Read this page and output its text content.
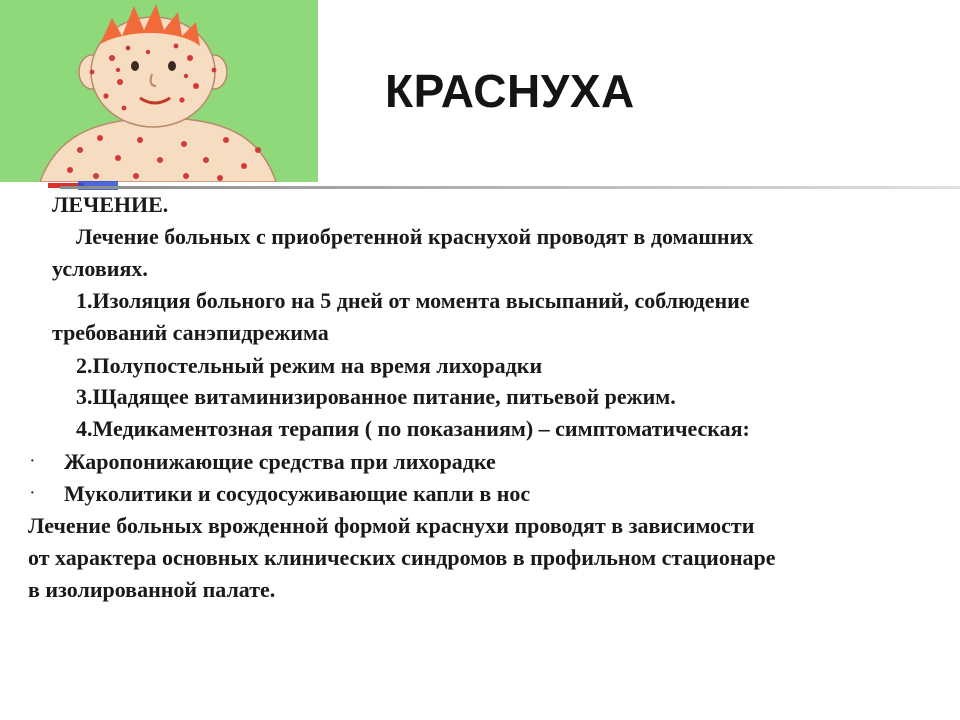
КРАСНУХА
ЛЕЧЕНИЕ.
Лечение больных с приобретенной краснухой проводят в домашних
условиях.
1.Изоляция больного на 5 дней от момента высыпаний, соблюдение
требований санэпидрежима
2.Полупостельный режим на время лихорадки
3.Щадящее витаминизированное питание, питьевой режим.
4.Медикаментозная терапия ( по показаниям) – симптоматическая:
· Жаропонижающие средства при лихорадке
· Муколитики и сосудосуживающие капли в нос
Лечение больных врожденной формой краснухи проводят в зависимости
от характера основных клинических синдромов в профильном стационаре
в изолированной палате.
